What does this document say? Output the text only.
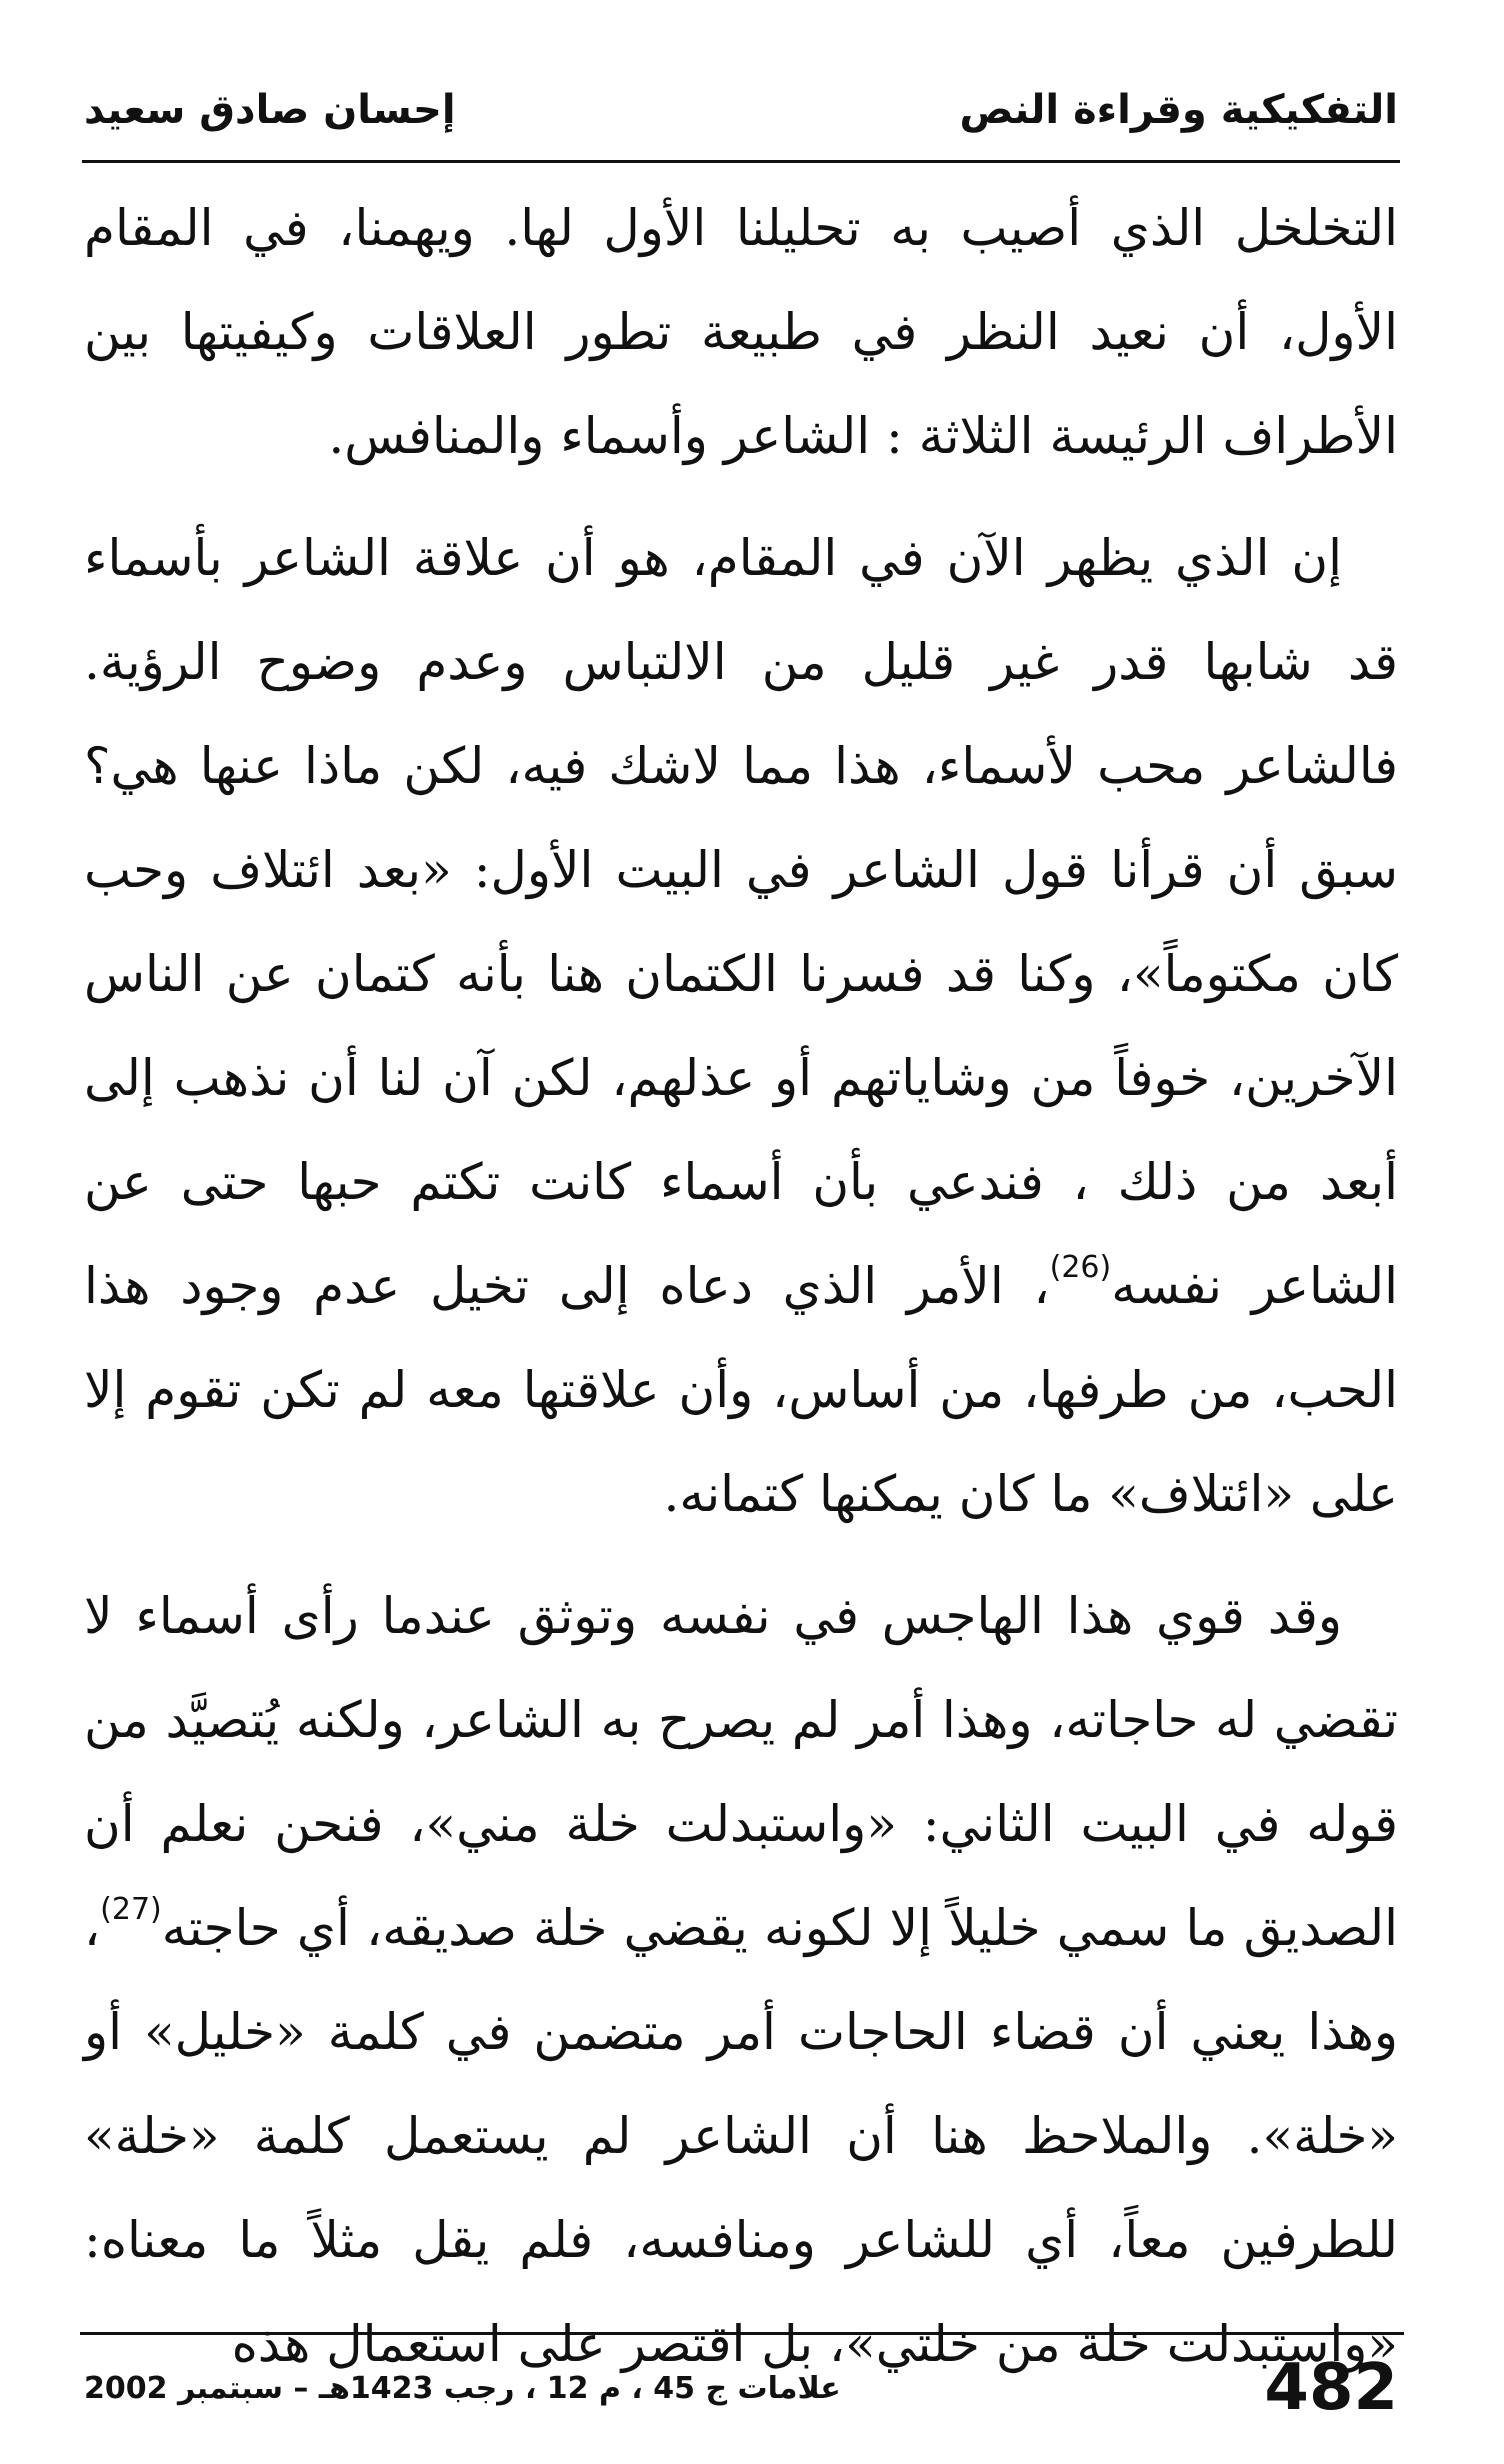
إحسان صادق سعيد	التفكيكية وقراءة النص

التخلخل الذي أصيب به تحليلنا الأول لها. ويهمنا، في المقام الأول، أن نعيد النظر في طبيعة تطور العلاقات وكيفيتها بين الأطراف الرئيسة الثلاثة : الشاعر وأسماء والمنافس.

إن الذي يظهر الآن في المقام، هو أن علاقة الشاعر بأسماء قد شابها قدر غير قليل من الالتباس وعدم وضوح الرؤية. فالشاعر محب لأسماء، هذا مما لاشك فيه، لكن ماذا عنها هي؟ سبق أن قرأنا قول الشاعر في البيت الأول: «بعد ائتلاف وحب كان مكتوماً»، وكنا قد فسرنا الكتمان هنا بأنه كتمان عن الناس الآخرين، خوفاً من وشاياتهم أو عذلهم، لكن آن لنا أن نذهب إلى أبعد من ذلك ، فندعي بأن أسماء كانت تكتم حبها حتى عن الشاعر نفسه$^{(26)}$، الأمر الذي دعاه إلى تخيل عدم وجود هذا الحب، من طرفها، من أساس، وأن علاقتها معه لم تكن تقوم إلا على «ائتلاف» ما كان يمكنها كتمانه.

وقد قوي هذا الهاجس في نفسه وتوثق عندما رأى أسماء لا تقضي له حاجاته، وهذا أمر لم يصرح به الشاعر، ولكنه يُتصيَّد من قوله في البيت الثاني: «واستبدلت خلة مني»، فنحن نعلم أن الصديق ما سمي خليلاً إلا لكونه يقضي خلة صديقه، أي حاجته$^{(27)}$، وهذا يعني أن قضاء الحاجات أمر متضمن في كلمة «خليل» أو «خلة». والملاحظ هنا أن الشاعر لم يستعمل كلمة «خلة» للطرفين معاً، أي للشاعر ومنافسه، فلم يقل مثلاً ما معناه: «واستبدلت خلة من خلتي»، بل اقتصر على استعمال هذه

علامات ج 45 ، م 12 ، رجب 1423هـ – سبتمبر 2002	482
